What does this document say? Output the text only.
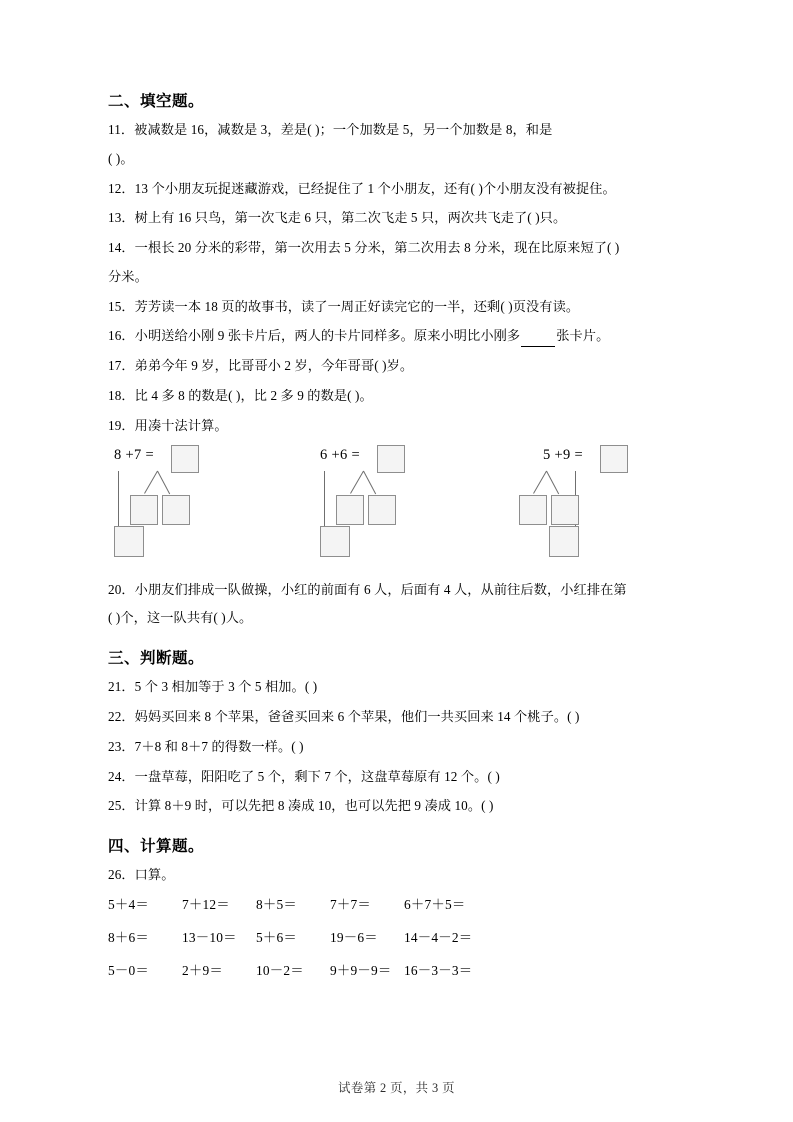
二、填空题。

11．被减数是 16，减数是 3，差是( )；一个加数是 5，另一个加数是 8，和是

( )。

12．13 个小朋友玩捉迷藏游戏，已经捉住了 1 个小朋友，还有( )个小朋友没有被捉住。

13．树上有 16 只鸟，第一次飞走 6 只，第二次飞走 5 只，两次共飞走了( )只。

14．一根长 20 分米的彩带，第一次用去 5 分米，第二次用去 8 分米，现在比原来短了( )

分米。

15．芳芳读一本 18 页的故事书，读了一周正好读完它的一半，还剩( )页没有读。

16．小明送给小刚 9 张卡片后，两人的卡片同样多。原来小明比小刚多	张卡片。

17．弟弟今年 9 岁，比哥哥小 2 岁，今年哥哥( )岁。

18．比 4 多 8 的数是( )，比 2 多 9 的数是( )。

19．用凑十法计算。

8 +7 =	6 +6 =	5 +9 =

20．小朋友们排成一队做操，小红的前面有 6 人，后面有 4 人，从前往后数，小红排在第

( )个，这一队共有( )人。

三、判断题。

21．5 个 3 相加等于 3 个 5 相加。( )

22．妈妈买回来 8 个苹果，爸爸买回来 6 个苹果，他们一共买回来 14 个桃子。( )

23．7＋8 和 8＋7 的得数一样。( )

24．一盘草莓，阳阳吃了 5 个，剩下 7 个，这盘草莓原有 12 个。( )

25．计算 8＋9 时，可以先把 8 凑成 10，也可以先把 9 凑成 10。( )

四、计算题。

26．口算。

5＋4＝ 7＋12＝ 8＋5＝ 7＋7＝ 6＋7＋5＝
8＋6＝ 13－10＝ 5＋6＝ 19－6＝ 14－4－2＝
5－0＝ 2＋9＝ 10－2＝ 9＋9－9＝ 16－3－3＝
试卷第 2 页，共 3 页
